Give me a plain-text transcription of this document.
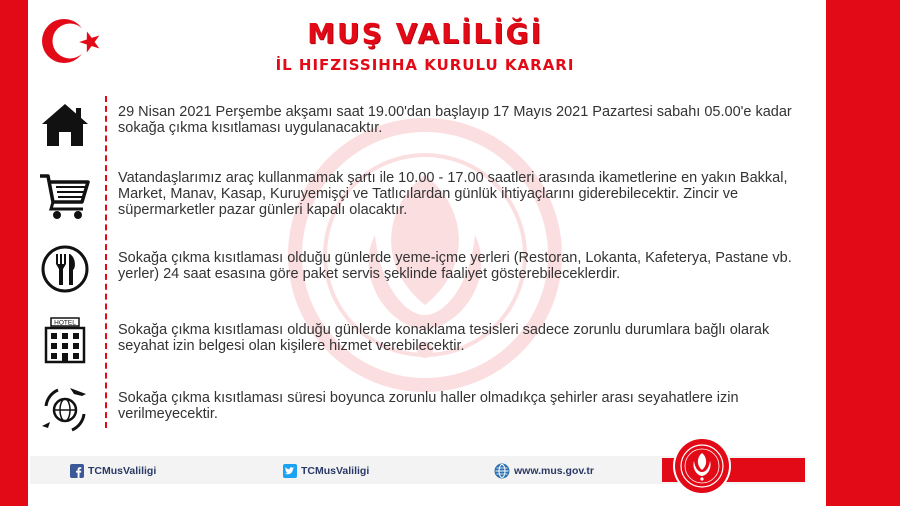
MUŞ VALİLİĞİ
İL HIFZISSIHHA KURULU KARARI
29 Nisan 2021 Perşembe akşamı saat 19.00'dan başlayıp 17 Mayıs 2021 Pazartesi sabahı 05.00'e kadar sokağa çıkma kısıtlaması uygulanacaktır.
Vatandaşlarımız araç kullanmamak şartı ile 10.00 - 17.00 saatleri arasında ikametlerine en yakın Bakkal, Market, Manav, Kasap, Kuruyemişçi ve Tatlıcılardan günlük ihtiyaçlarını giderebilecektir. Zincir ve süpermarketler pazar günleri kapalı olacaktır.
Sokağa çıkma kısıtlaması olduğu günlerde yeme-içme yerleri (Restoran, Lokanta, Kafeterya, Pastane vb. yerler) 24 saat esasına göre paket servis şeklinde faaliyet gösterebileceklerdir.
HOTEL	Sokağa çıkma kısıtlaması olduğu günlerde konaklama tesisleri sadece zorunlu durumlara bağlı olarak seyahat izin belgesi olan kişilere hizmet verebilecektir.
Sokağa çıkma kısıtlaması süresi boyunca zorunlu haller olmadıkça şehirler arası seyahatlere izin verilmeyecektir.
TCMusValiligi	TCMusValiligi	www.mus.gov.tr
